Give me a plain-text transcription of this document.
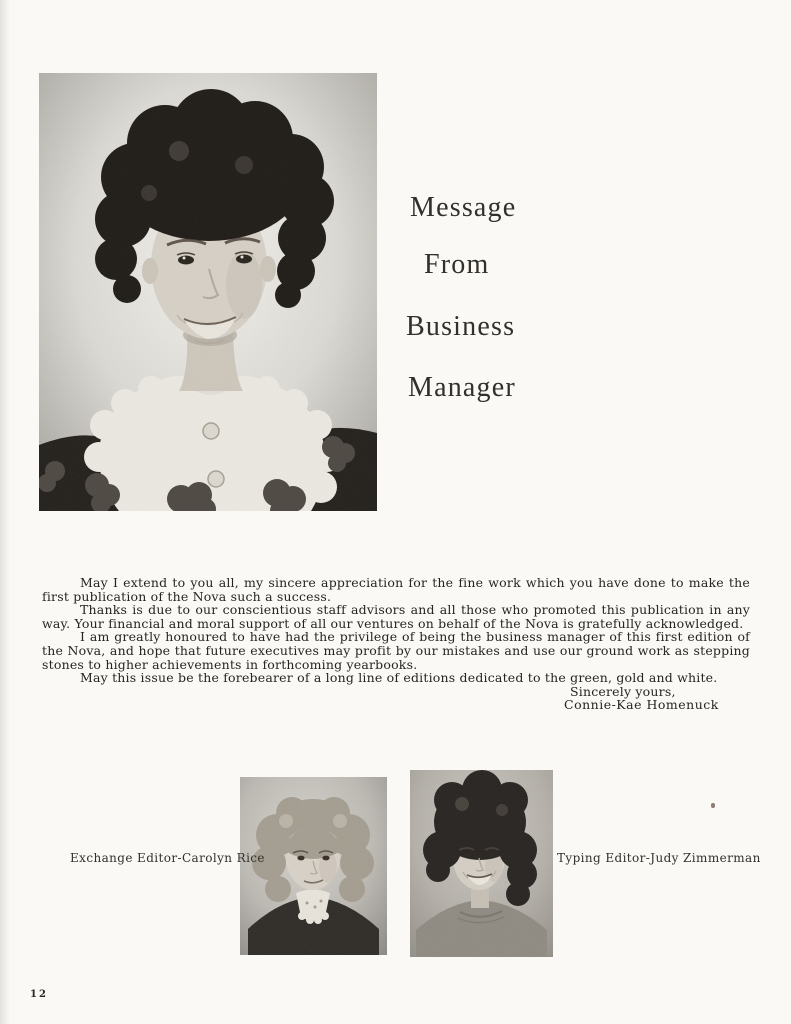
Message
From
Business
Manager

May I extend to you all, my sincere appreciation for the fine work which you have done to make the first publication of the Nova such a success.

Thanks is due to our conscientious staff advisors and all those who promoted this publication in any way. Your financial and moral support of all our ventures on behalf of the Nova is gratefully acknowledged.

I am greatly honoured to have had the privilege of being the business manager of this first edition of the Nova, and hope that future executives may profit by our mistakes and use our ground work as stepping stones to higher achievements in forthcoming yearbooks.

May this issue be the forebearer of a long line of editions dedicated to the green, gold and white.

Sincerely yours,

Connie-Kae Homenuck

Exchange Editor-Carolyn Rice	Typing Editor-Judy Zimmerman
12
